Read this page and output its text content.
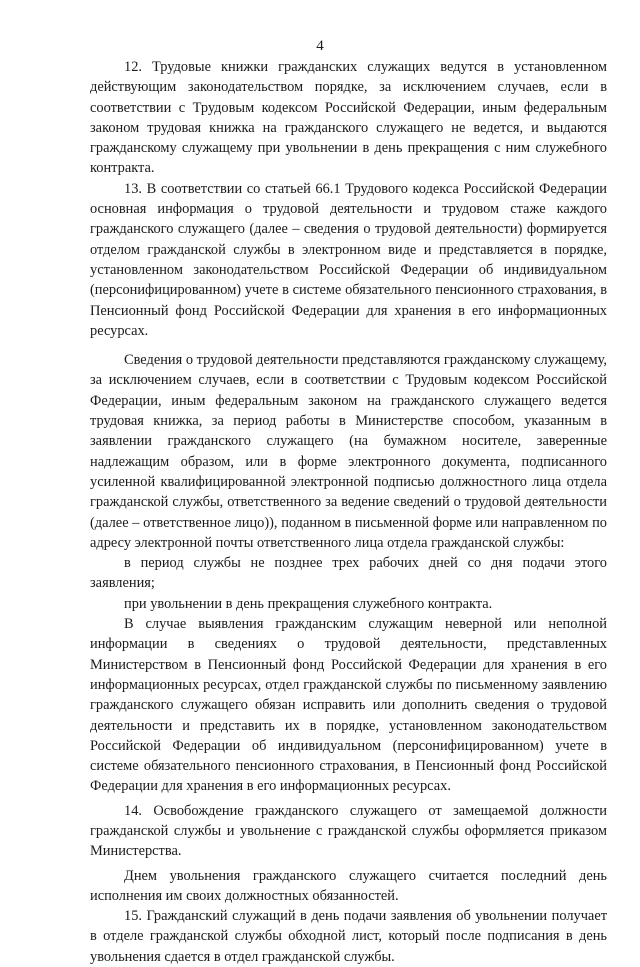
4

12. Трудовые книжки гражданских служащих ведутся в установленном действующим законодательством порядке, за исключением случаев, если в соответствии с Трудовым кодексом Российской Федерации, иным федеральным законом трудовая книжка на гражданского служащего не ведется, и выдаются гражданскому служащему при увольнении в день прекращения с ним служебного контракта.

13. В соответствии со статьей 66.1 Трудового кодекса Российской Федерации основная информация о трудовой деятельности и трудовом стаже каждого гражданского служащего (далее – сведения о трудовой деятельности) формируется отделом гражданской службы в электронном виде и представляется в порядке, установленном законодательством Российской Федерации об индивидуальном (персонифицированном) учете в системе обязательного пенсионного страхования, в Пенсионный фонд Российской Федерации для хранения в его информационных ресурсах.

Сведения о трудовой деятельности представляются гражданскому служащему, за исключением случаев, если в соответствии с Трудовым кодексом Российской Федерации, иным федеральным законом на гражданского служащего ведется трудовая книжка, за период работы в Министерстве способом, указанным в заявлении гражданского служащего (на бумажном носителе, заверенные надлежащим образом, или в форме электронного документа, подписанного усиленной квалифицированной электронной подписью должностного лица отдела гражданской службы, ответственного за ведение сведений о трудовой деятельности (далее – ответственное лицо)), поданном в письменной форме или направленном по адресу электронной почты ответственного лица отдела гражданской службы:

в период службы не позднее трех рабочих дней со дня подачи этого заявления;

при увольнении в день прекращения служебного контракта.

В случае выявления гражданским служащим неверной или неполной информации в сведениях о трудовой деятельности, представленных Министерством в Пенсионный фонд Российской Федерации для хранения в его информационных ресурсах, отдел гражданской службы по письменному заявлению гражданского служащего обязан исправить или дополнить сведения о трудовой деятельности и представить их в порядке, установленном законодательством Российской Федерации об индивидуальном (персонифицированном) учете в системе обязательного пенсионного страхования, в Пенсионный фонд Российской Федерации для хранения в его информационных ресурсах.

14. Освобождение гражданского служащего от замещаемой должности гражданской службы и увольнение с гражданской службы оформляется приказом Министерства.

Днем увольнения гражданского служащего считается последний день исполнения им своих должностных обязанностей.

15. Гражданский служащий в день подачи заявления об увольнении получает в отделе гражданской службы обходной лист, который после подписания в день увольнения сдается в отдел гражданской службы.
